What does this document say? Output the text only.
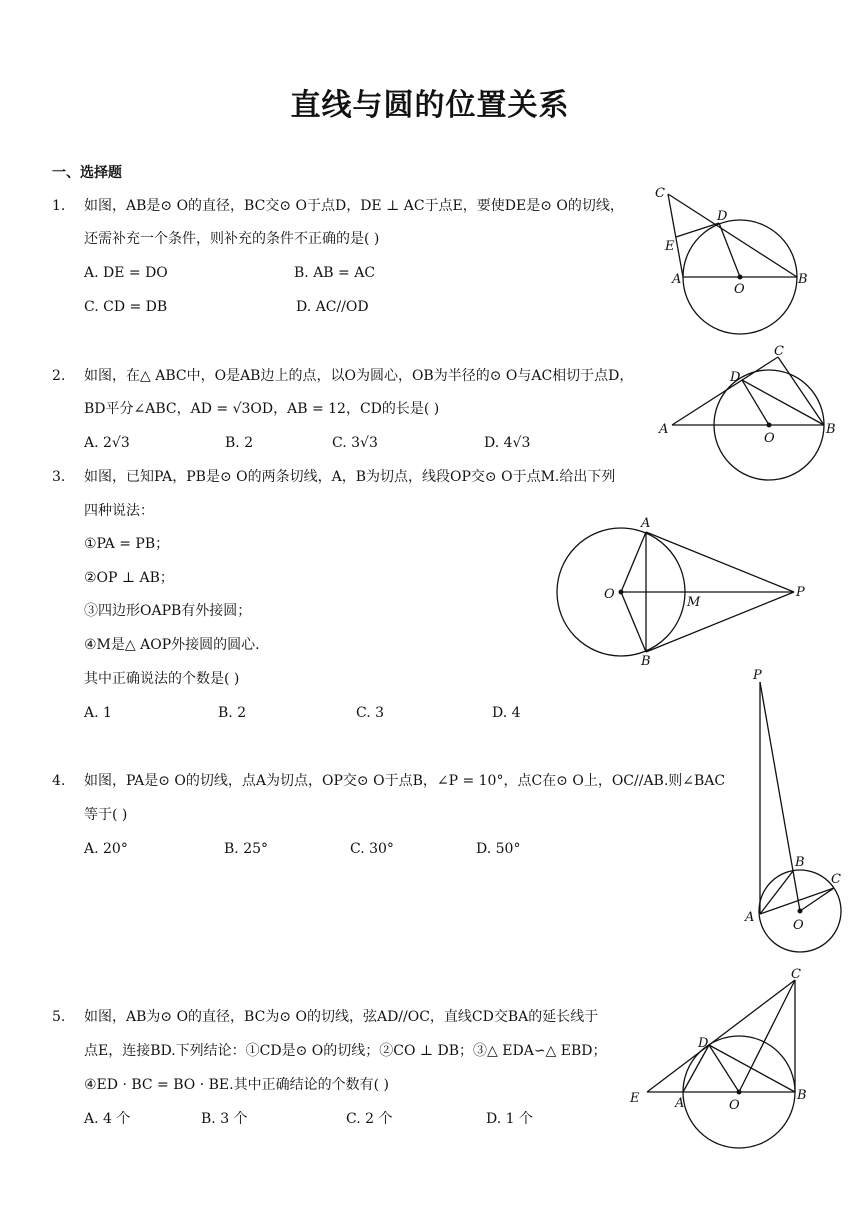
直线与圆的位置关系
一、选择题
1. 如图，AB是⊙ O的直径，BC交⊙ O于点D，DE ⊥ AC于点E，要使DE是⊙ O的切线，
还需补充一个条件，则补充的条件不正确的是( )
A. DE = DO	B. AB = AC
C. CD = DB	D. AC//OD
C
D
E
A
O
B
2. 如图，在△ ABC中，O是AB边上的点，以O为圆心，OB为半径的⊙ O与AC相切于点D，
BD平分∠ABC，AD = √3OD，AB = 12，CD的长是( )
A. 2√3	B. 2	C. 3√3	D. 4√3
C
D
A
O
B
3. 如图，已知PA，PB是⊙ O的两条切线，A，B为切点，线段OP交⊙ O于点M.给出下列
四种说法：
①PA = PB；
②OP ⊥ AB；
③四边形OAPB有外接圆；
④M是△ AOP外接圆的圆心.
其中正确说法的个数是( )
A. 1	B. 2	C. 3	D. 4
A
O
M
P
B
4. 如图，PA是⊙ O的切线，点A为切点，OP交⊙ O于点B，∠P = 10°，点C在⊙ O上，OC//AB.则∠BAC
等于( )
A. 20°	B. 25°	C. 30°	D. 50°
P
B
C
A
O
5. 如图，AB为⊙ O的直径，BC为⊙ O的切线，弦AD//OC，直线CD交BA的延长线于
点E，连接BD.下列结论：①CD是⊙ O的切线；②CO ⊥ DB；③△ EDA∽△ EBD；
④ED · BC = BO · BE.其中正确结论的个数有( )
A. 4 个	B. 3 个	C. 2 个	D. 1 个
C
D
E	A	O
B
